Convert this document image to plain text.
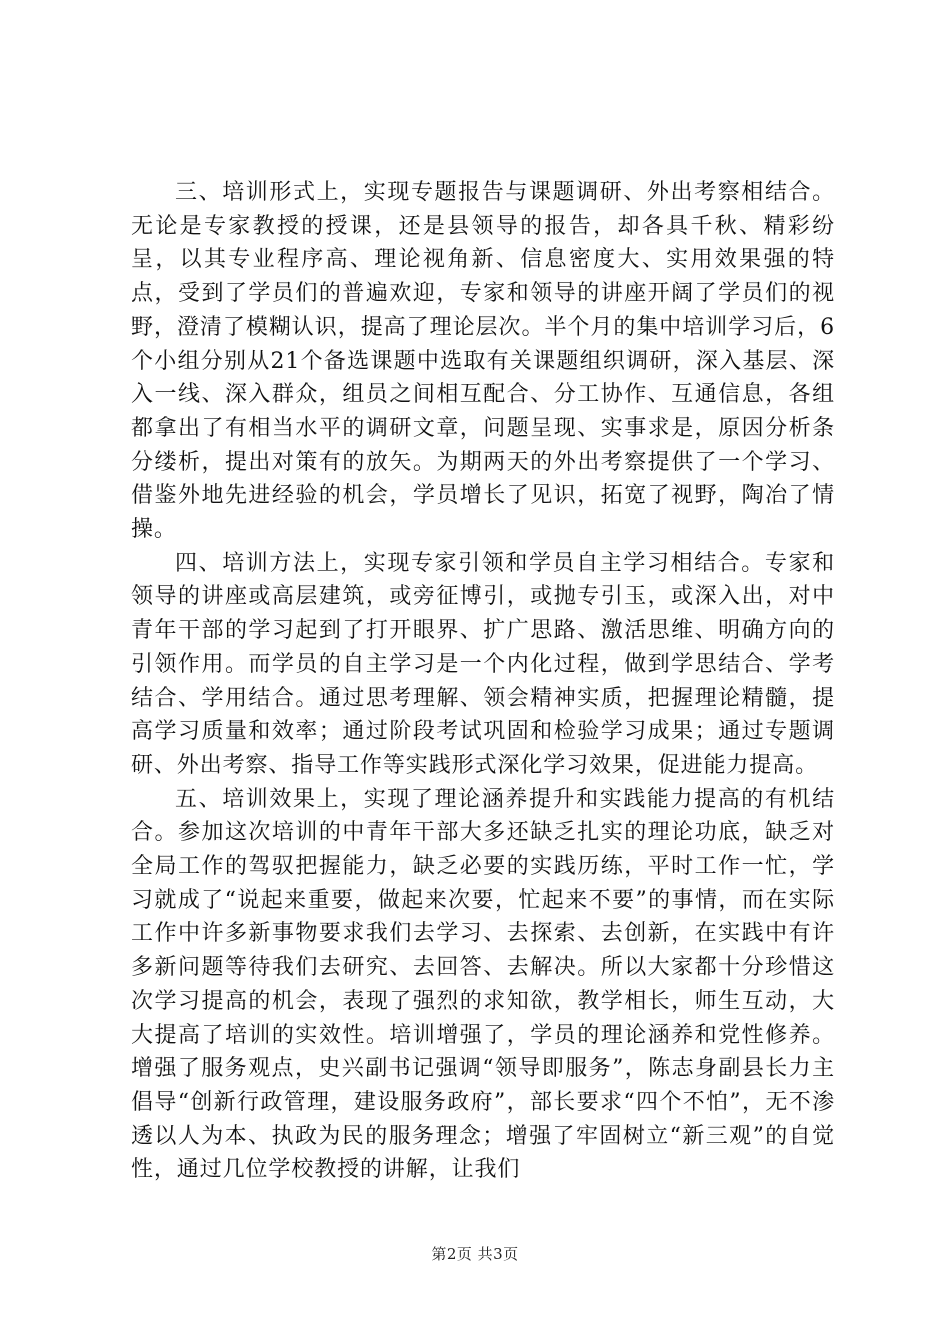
三、培训形式上，实现专题报告与课题调研、外出考察相结合。无论是专家教授的授课，还是县领导的报告，却各具千秋、精彩纷呈，以其专业程序高、理论视角新、信息密度大、实用效果强的特点，受到了学员们的普遍欢迎，专家和领导的讲座开阔了学员们的视野，澄清了模糊认识，提高了理论层次。半个月的集中培训学习后，6个小组分别从21个备选课题中选取有关课题组织调研，深入基层、深入一线、深入群众，组员之间相互配合、分工协作、互通信息，各组都拿出了有相当水平的调研文章，问题呈现、实事求是，原因分析条分缕析，提出对策有的放矢。为期两天的外出考察提供了一个学习、借鉴外地先进经验的机会，学员增长了见识，拓宽了视野，陶冶了情操。

四、培训方法上，实现专家引领和学员自主学习相结合。专家和领导的讲座或高层建筑，或旁征博引，或抛专引玉，或深入出，对中青年干部的学习起到了打开眼界、扩广思路、激活思维、明确方向的引领作用。而学员的自主学习是一个内化过程，做到学思结合、学考结合、学用结合。通过思考理解、领会精神实质，把握理论精髓，提高学习质量和效率；通过阶段考试巩固和检验学习成果；通过专题调研、外出考察、指导工作等实践形式深化学习效果，促进能力提高。

五、培训效果上，实现了理论涵养提升和实践能力提高的有机结合。参加这次培训的中青年干部大多还缺乏扎实的理论功底，缺乏对全局工作的驾驭把握能力，缺乏必要的实践历练，平时工作一忙，学习就成了“说起来重要，做起来次要，忙起来不要”的事情，而在实际工作中许多新事物要求我们去学习、去探索、去创新，在实践中有许多新问题等待我们去研究、去回答、去解决。所以大家都十分珍惜这次学习提高的机会，表现了强烈的求知欲，教学相长，师生互动，大大提高了培训的实效性。培训增强了，学员的理论涵养和党性修养。增强了服务观点，史兴副书记强调“领导即服务”，陈志身副县长力主倡导“创新行政管理，建设服务政府”，部长要求“四个不怕”，无不渗透以人为本、执政为民的服务理念；增强了牢固树立“新三观”的自觉性，通过几位学校教授的讲解，让我们

第2页 共3页
